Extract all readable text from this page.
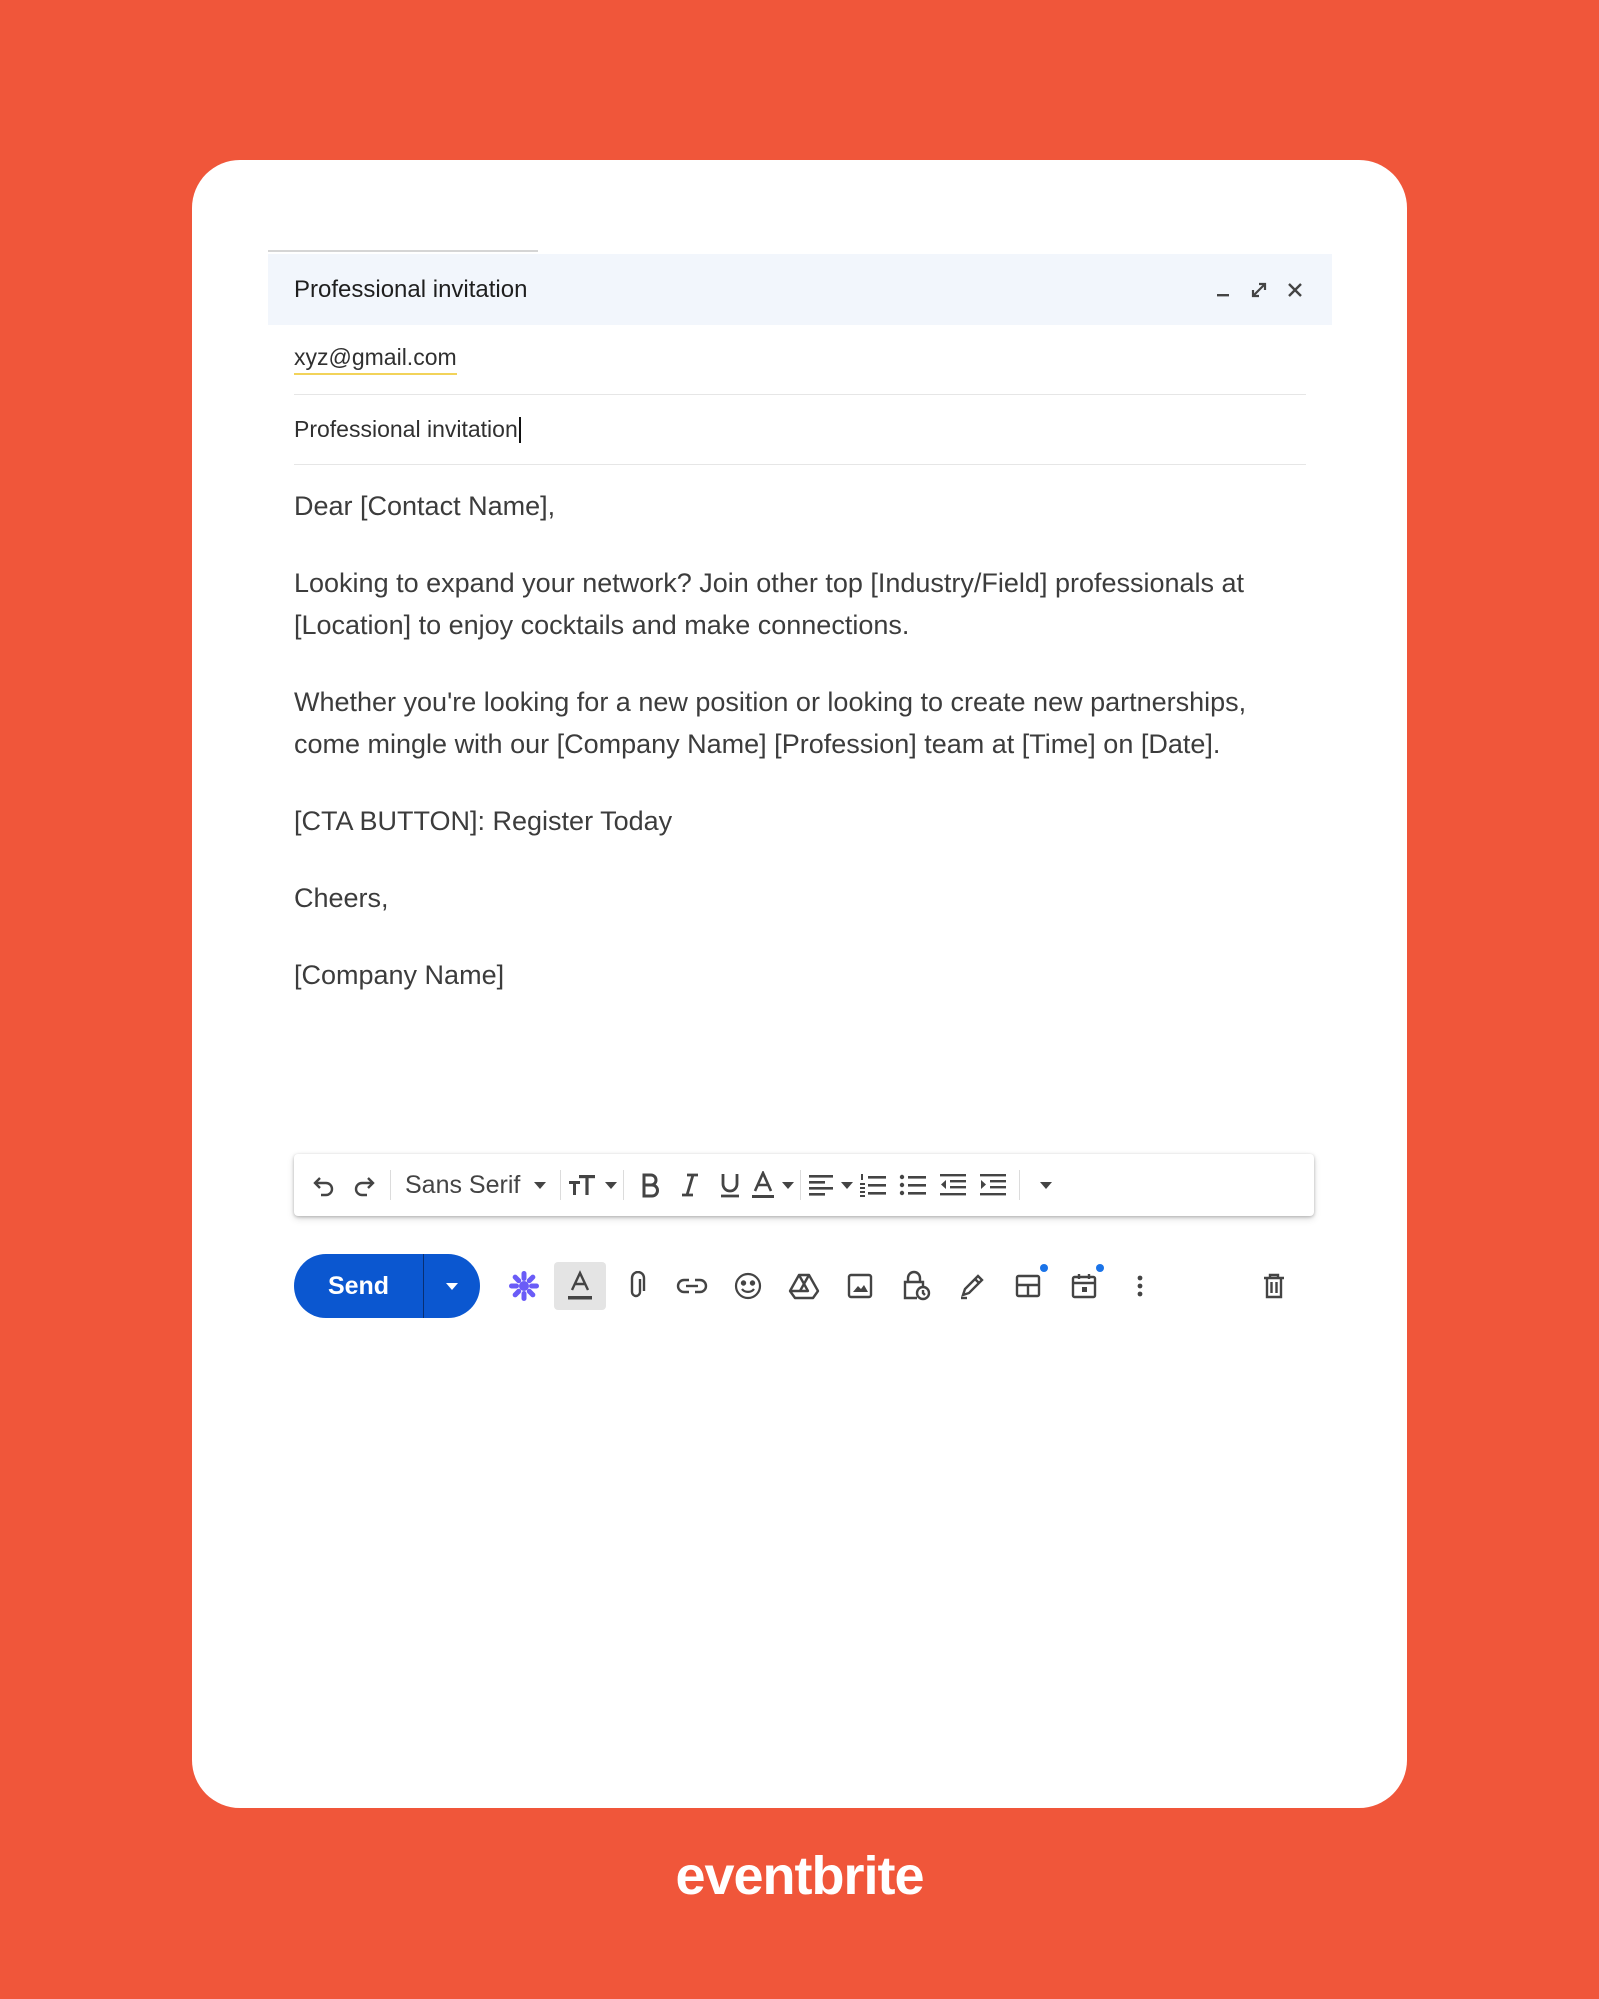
Professional invitation
xyz@gmail.com
Professional invitation

Dear [Contact Name],

Looking to expand your network? Join other top [Industry/Field] professionals at [Location] to enjoy cocktails and make connections.

Whether you're looking for a new position or looking to create new partnerships, come mingle with our [Company Name] [Profession] team at [Time] on [Date].

[CTA BUTTON]: Register Today

Cheers,

[Company Name]

Sans Serif
Send
eventbrite
